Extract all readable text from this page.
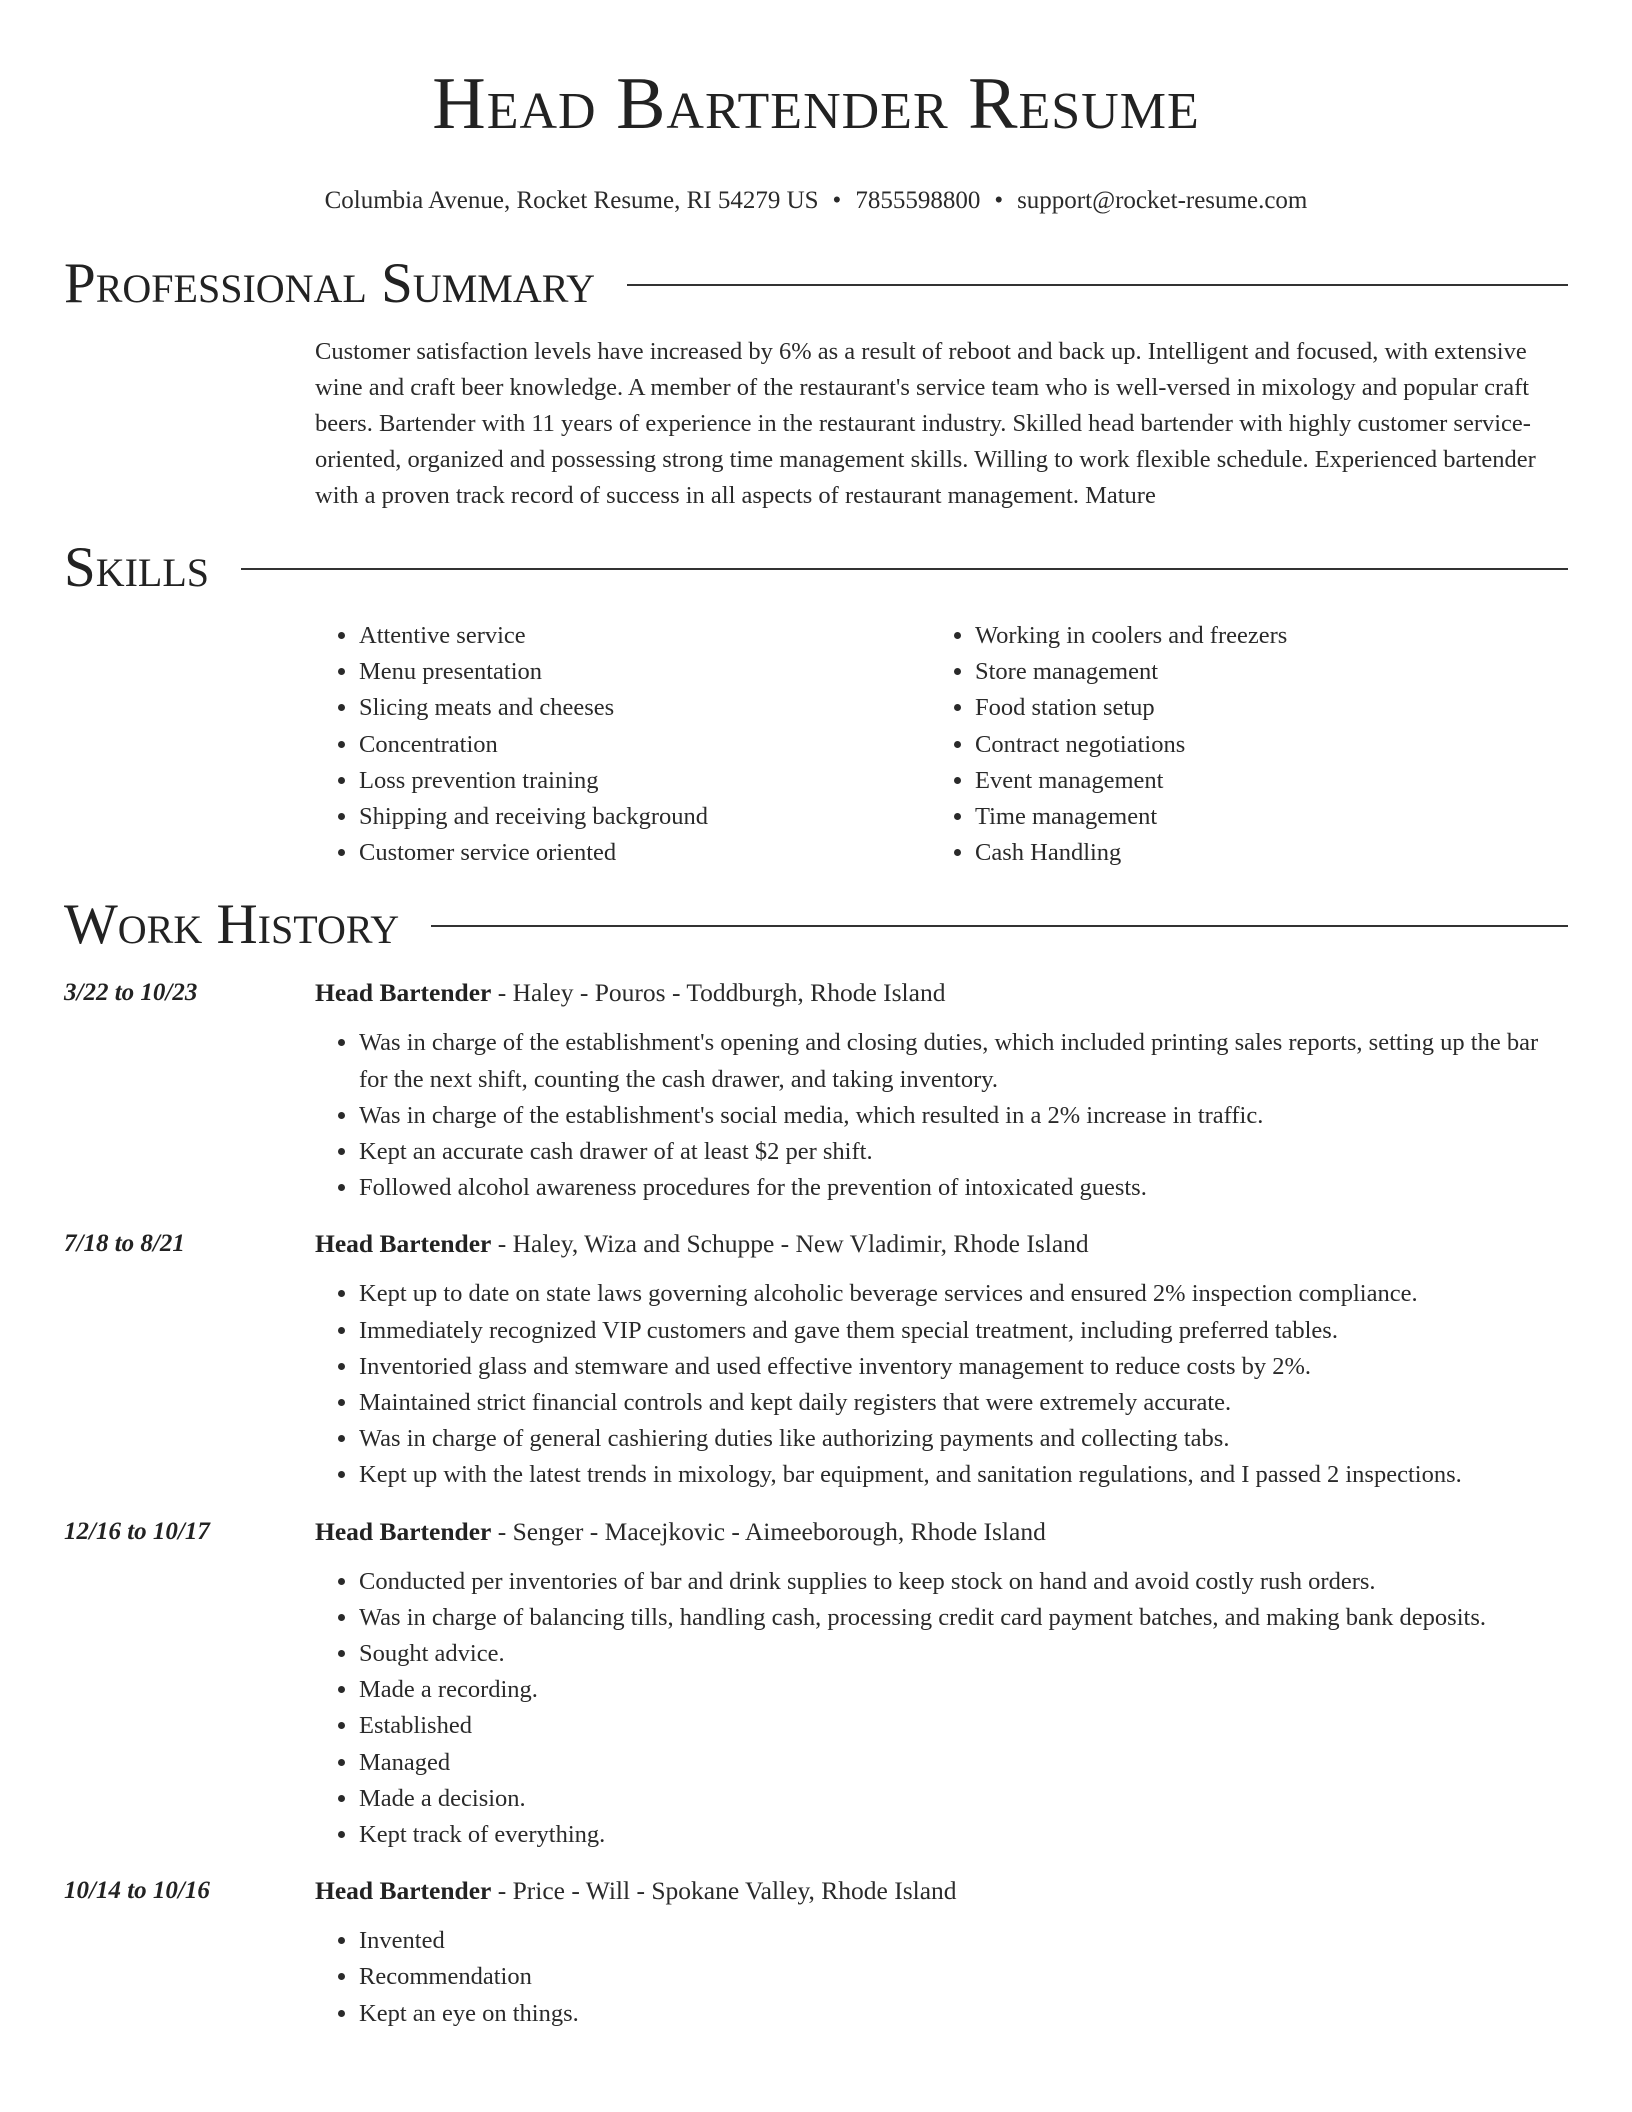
Head Bartender Resume
Columbia Avenue, Rocket Resume, RI 54279 US • 7855598800 • support@rocket-resume.com
Professional Summary
Customer satisfaction levels have increased by 6% as a result of reboot and back up. Intelligent and focused, with extensive wine and craft beer knowledge. A member of the restaurant's service team who is well-versed in mixology and popular craft beers. Bartender with 11 years of experience in the restaurant industry. Skilled head bartender with highly customer service-oriented, organized and possessing strong time management skills. Willing to work flexible schedule. Experienced bartender with a proven track record of success in all aspects of restaurant management. Mature
Skills
• Attentive service
• Menu presentation
• Slicing meats and cheeses
• Concentration
• Loss prevention training
• Shipping and receiving background
• Customer service oriented
• Working in coolers and freezers
• Store management
• Food station setup
• Contract negotiations
• Event management
• Time management
• Cash Handling
Work History
3/22 to 10/23	Head Bartender - Haley - Pouros - Toddburgh, Rhode Island
• Was in charge of the establishment's opening and closing duties, which included printing sales reports, setting up the bar for the next shift, counting the cash drawer, and taking inventory.
• Was in charge of the establishment's social media, which resulted in a 2% increase in traffic.
• Kept an accurate cash drawer of at least $2 per shift.
• Followed alcohol awareness procedures for the prevention of intoxicated guests.
7/18 to 8/21	Head Bartender - Haley, Wiza and Schuppe - New Vladimir, Rhode Island
• Kept up to date on state laws governing alcoholic beverage services and ensured 2% inspection compliance.
• Immediately recognized VIP customers and gave them special treatment, including preferred tables.
• Inventoried glass and stemware and used effective inventory management to reduce costs by 2%.
• Maintained strict financial controls and kept daily registers that were extremely accurate.
• Was in charge of general cashiering duties like authorizing payments and collecting tabs.
• Kept up with the latest trends in mixology, bar equipment, and sanitation regulations, and I passed 2 inspections.
12/16 to 10/17	Head Bartender - Senger - Macejkovic - Aimeeborough, Rhode Island
• Conducted per inventories of bar and drink supplies to keep stock on hand and avoid costly rush orders.
• Was in charge of balancing tills, handling cash, processing credit card payment batches, and making bank deposits.
• Sought advice.
• Made a recording.
• Established
• Managed
• Made a decision.
• Kept track of everything.
10/14 to 10/16	Head Bartender - Price - Will - Spokane Valley, Rhode Island
• Invented
• Recommendation
• Kept an eye on things.
